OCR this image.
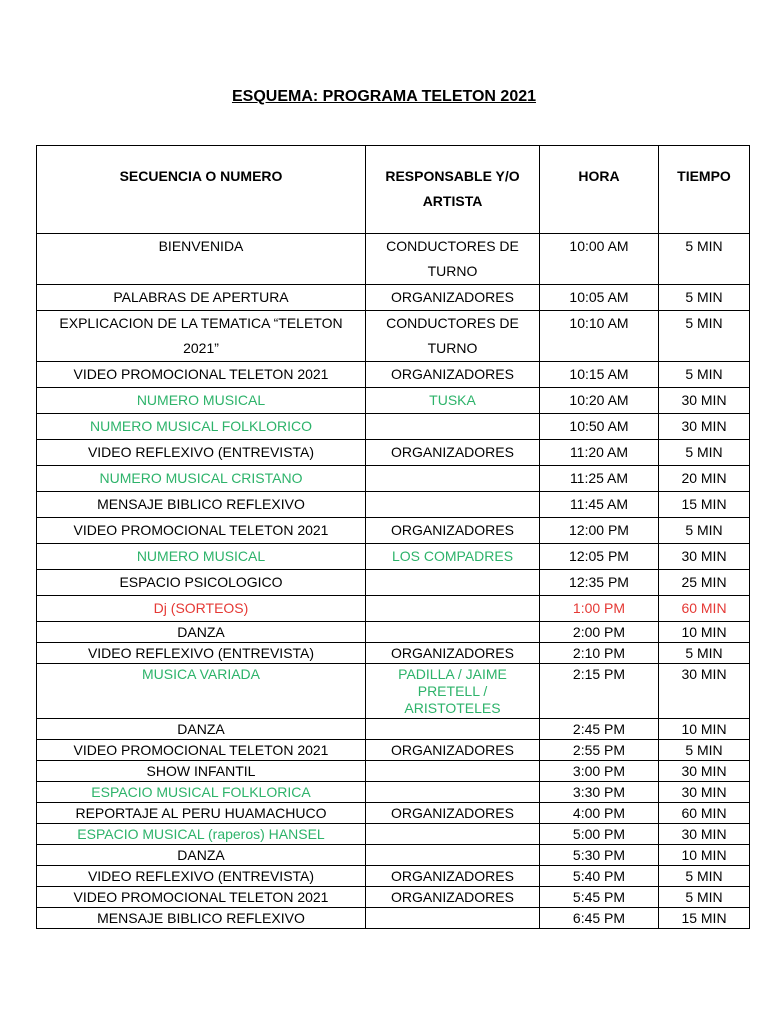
ESQUEMA: PROGRAMA TELETON 2021
SECUENCIA O NUMERO	RESPONSABLE Y/O ARTISTA	HORA	TIEMPO
BIENVENIDA	CONDUCTORES DE TURNO	10:00 AM	5 MIN
PALABRAS DE APERTURA	ORGANIZADORES	10:05 AM	5 MIN
EXPLICACION DE LA TEMATICA “TELETON 2021”	CONDUCTORES DE TURNO	10:10 AM	5 MIN
VIDEO PROMOCIONAL TELETON 2021	ORGANIZADORES	10:15 AM	5 MIN
NUMERO MUSICAL	TUSKA	10:20 AM	30 MIN
NUMERO MUSICAL FOLKLORICO		10:50 AM	30 MIN
VIDEO REFLEXIVO (ENTREVISTA)	ORGANIZADORES	11:20 AM	5 MIN
NUMERO MUSICAL CRISTANO		11:25 AM	20 MIN
MENSAJE BIBLICO REFLEXIVO		11:45 AM	15 MIN
VIDEO PROMOCIONAL TELETON 2021	ORGANIZADORES	12:00 PM	5 MIN
NUMERO MUSICAL	LOS COMPADRES	12:05 PM	30 MIN
ESPACIO PSICOLOGICO		12:35 PM	25 MIN
Dj (SORTEOS)		1:00 PM	60 MIN
DANZA		2:00 PM	10 MIN
VIDEO REFLEXIVO (ENTREVISTA)	ORGANIZADORES	2:10 PM	5 MIN
MUSICA VARIADA	PADILLA / JAIME PRETELL / ARISTOTELES	2:15 PM	30 MIN
DANZA		2:45 PM	10 MIN
VIDEO PROMOCIONAL TELETON 2021	ORGANIZADORES	2:55 PM	5 MIN
SHOW INFANTIL		3:00 PM	30 MIN
ESPACIO MUSICAL FOLKLORICA		3:30 PM	30 MIN
REPORTAJE AL PERU HUAMACHUCO	ORGANIZADORES	4:00 PM	60 MIN
ESPACIO MUSICAL (raperos) HANSEL		5:00 PM	30 MIN
DANZA		5:30 PM	10 MIN
VIDEO REFLEXIVO (ENTREVISTA)	ORGANIZADORES	5:40 PM	5 MIN
VIDEO PROMOCIONAL TELETON 2021	ORGANIZADORES	5:45 PM	5 MIN
MENSAJE BIBLICO REFLEXIVO		6:45 PM	15 MIN
